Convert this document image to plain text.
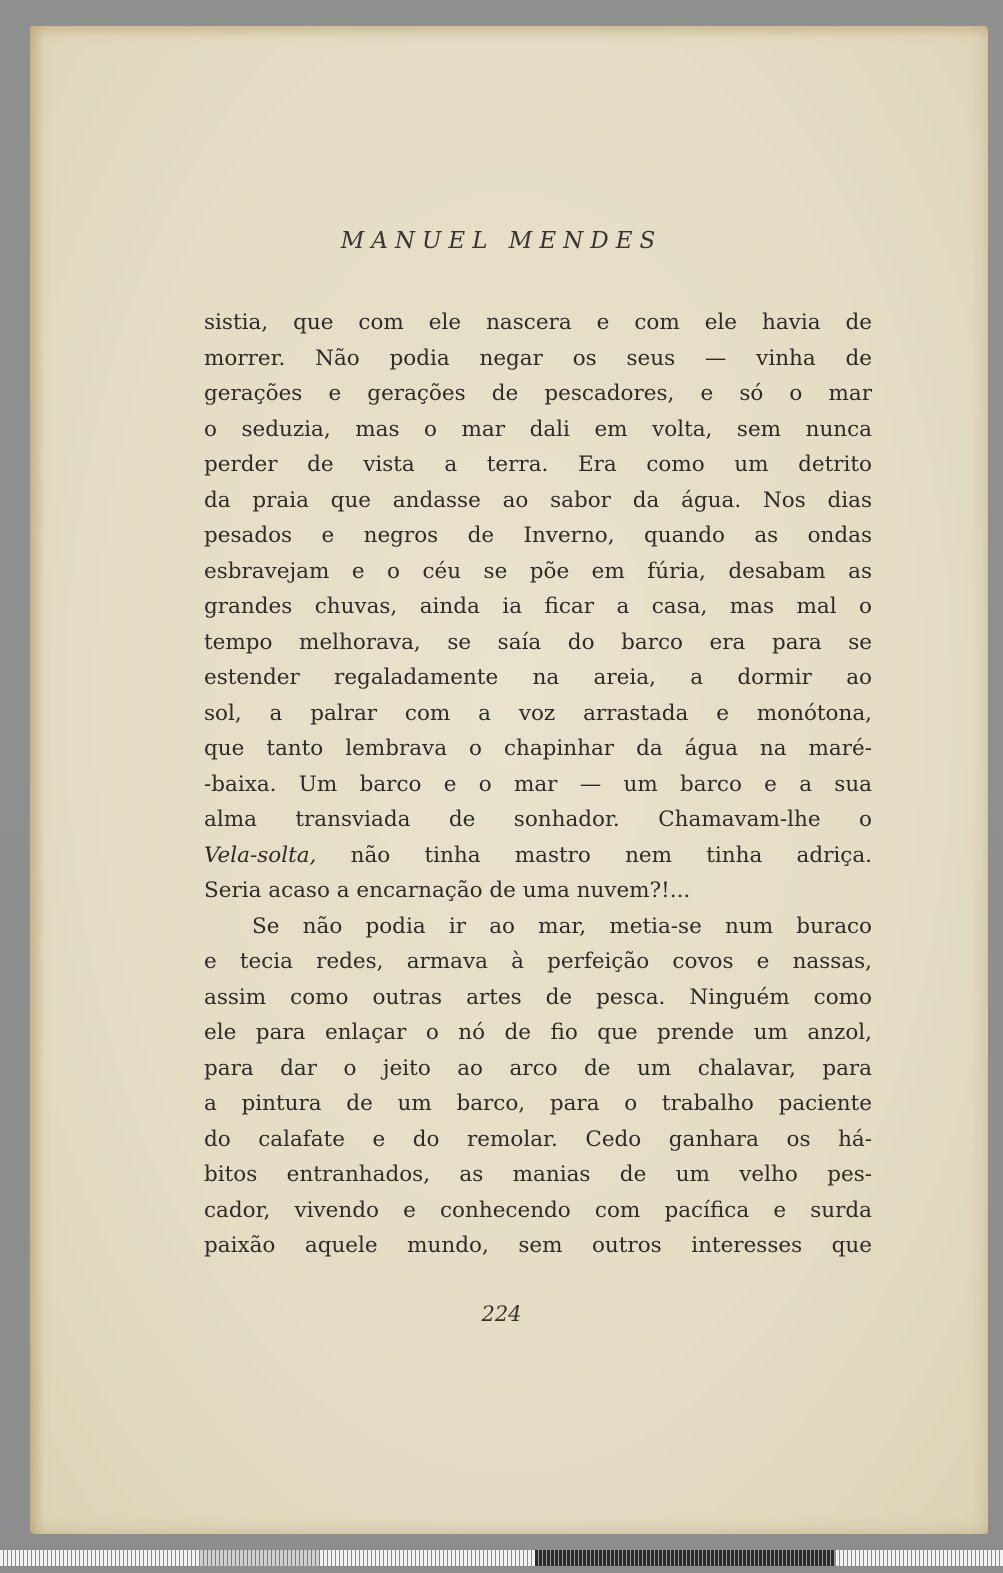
MANUEL MENDES
sistia, que com ele nascera e com ele havia de
morrer. Não podia negar os seus — vinha de
gerações e gerações de pescadores, e só o mar
o seduzia, mas o mar dali em volta, sem nunca
perder de vista a terra. Era como um detrito
da praia que andasse ao sabor da água. Nos dias
pesados e negros de Inverno, quando as ondas
esbravejam e o céu se põe em fúria, desabam as
grandes chuvas, ainda ia ficar a casa, mas mal o
tempo melhorava, se saía do barco era para se
estender regaladamente na areia, a dormir ao
sol, a palrar com a voz arrastada e monótona,
que tanto lembrava o chapinhar da água na maré-
-baixa. Um barco e o mar — um barco e a sua
alma transviada de sonhador. Chamavam-lhe o
Vela-solta, não tinha mastro nem tinha adriça.
Seria acaso a encarnação de uma nuvem?!...
Se não podia ir ao mar, metia-se num buraco
e tecia redes, armava à perfeição covos e nassas,
assim como outras artes de pesca. Ninguém como
ele para enlaçar o nó de fio que prende um anzol,
para dar o jeito ao arco de um chalavar, para
a pintura de um barco, para o trabalho paciente
do calafate e do remolar. Cedo ganhara os há-
bitos entranhados, as manias de um velho pes-
cador, vivendo e conhecendo com pacífica e surda
paixão aquele mundo, sem outros interesses que
224
